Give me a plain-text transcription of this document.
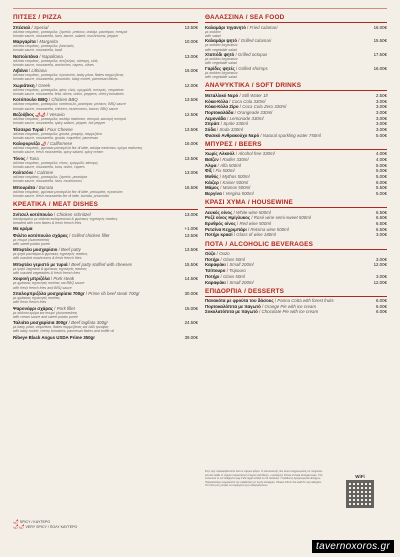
ΠΙΤΣΕΣ / PIZZA
Σπέσιαλ / Special
σάλτσα ντομάτας, μοτσαρέλα, ζαμπόν, μπέικον, σαλάμι, μανιτάρια, πιπεριά
tomato sauce, mozzarella, ham, bacon, salami, mushrooms, pepper
13.50€
Μαργαρίτα / Margarita
σάλτσα ντομάτας, μοτσαρέλα, βασιλικός
tomato sauce, mozzarella, basil
10.00€
Ναπολιτάνα / Napolitana
σάλτσα ντομάτας, μοτσαρέλα, αντζούγιες, κάπαρη, ελιές
tomato sauce, mozzarella, anchovies, capers, olives
13.00€
Λιβάνα / Lithiana
σάλτσα ντομάτας, μοτσαρέλα, προσούτο, baby ρόκα, flakes παρμεζάνας
tomato sauce, mozzarella, prosciutto, baby rocket, parmesan flakes
16.00€
Χωριάτικη / Greek
σάλτσα ντομάτας, μοτσαρέλα, φέτα, ελιές, κρεμμύδι, πιπεριές, ντοματίνια
tomato sauce, mozzarella, feta, olives, onion, peppers, cherry tomatoes
12.00€
Κοτόπουλο BBQ / Chicken BBQ
σάλτσα ντομάτας, μοτσαρέλα, κοτόπουλο, μανιτάρια, μπέικον, BBQ sauce
tomato sauce, mozzarella, chicken, mushrooms, bacon, BBQ sauce
13.50€
Βεζούβιος 🌶🌶 / Vesuvio
σάλτσα ντομάτας, μοτσαρέλα, σαλάμι πικάντικο, πιπεριά, καυτερή πιπεριά
tomato sauce, mozzarella, spicy salami, pepper, hot pepper
12.50€
Τέσσερα Τυριά / Four Cheese
σάλτσα ντομάτας, μοτσαρέλα, gouda, ροκφόρ, παρμεζάνα
tomato sauce, mozzarella, gouda, roquefort, parmesan
13.50€
Καλιφορνέζα 🌶 / Californese
σάλτσα ντομάτας, φρέσκια μοτσαρέλα fior di latte, σαλάμι πικάντικο, κρέμα πικάντικη
tomato sauce, fresh mozzarella, spicy salami, spicy cream
16.00€
Τόνος / Tuna
σάλτσα ντομάτας, μοτσαρέλα, τόνος, κρεμμύδι, κάπαρη
tomato sauce, mozzarella, tuna, onion, capers
13.50€
Καλτσόνε / Calzone
σάλτσα ντομάτας, μοτσαρέλα, ζαμπόν, μανιτάρια
tomato sauce, mozzarella, ham, mushrooms
13.00€
Μπουράτα / Burrata
σάλτσα ντομάτας, φρέσκια μοτσαρέλα fior di latte, μπουράτα, προσούτο
tomato sauce, fresh mozzarella fior di latte, burrata, prosciutto
16.50€
ΚΡΕΑΤΙΚΑ / MEAT DISHES
Σνίτσελ κοτόπουλο / Chicken schnitzel
πανάρισμένο με σάλτσα καλαμποκιού & φρέσκιες τηγανητές πατάτες
breaded with corn flakes & fresh french fries
13.00€
Με κρέμα	+1.00€
Φιλέτο κοτόπουλο σχάρας / Grilled chicken fillet
με πουρέ γλυκοπατάτας
with sweet potato puree
13.50€
Μπιφτέκι μοσχαρίσιο / Beef patty
με ψητά μανιτάρια & φρέσκιες τηγανητές πατάτες
with roasted mushrooms & fresh french fries
13.50€
Μπιφτέκι γεμιστό με τυριά / Beef patty stuffed with cheeses
με ψητό λαχανικό & φρέσκιες τηγανητές πατάτες
with roasted vegetables & fresh french fries
15.50€
Χοιρινή μπριζόλα / Pork steak
με φρέσκιες τηγανητές πατάτες και BBQ sauce
with fresh french fries and BBQ sauce
14.50€
Σπαλομπριζόλα μοσχαρίσια 700gr / Prime rib beef steak 700gr
με φρέσκιες τηγανητές πατάτες
with fresh french fries
30.00€
Ψαρονέφρι σχάρας / Pork fillet
με σάλτσα κρέμα και πουρέ γλυκοπατάτας
with cream sauce and sweet potato puree
15.00€
Ταλιάτα μοσχαρίσια 300gr / Beef tagliata 300gr
με baby ρόκα, ντοματίνια, flakes παρμεζάνας και λάδι τρούφας
with baby rocket, cherry tomatoes, parmesan flakes and truffle oil
24.50€
Ribeye Black Angus USDA Prime 350gr	39.00€
ΘΑΛΑΣΣΙΝΑ / SEA FOOD
Καλαμάρι τηγανητό / Fried calamari
με σαλάτα
with salad
16.00€
Καλαμάρι ψητό / Grilled calamari
με σαλάτα λαχανικών
with vegetable salad
15.50€
Χταπόδι ψητό / Grilled octopus
με σαλάτα λαχανικών
with vegetable salad
17.50€
Γαρίδες ψητές / Grilled shrimps
με σαλάτα λαχανικών
with vegetable salad
16.00€
ΑΝΑΨΥΚΤΙΚΑ / SOFT DRINKS
Μεταλλικό Νερό / Still Water 1lt	2.50€
Κόκα-Κόλα / Coca Cola 330ml	3.00€
Κόκα-Κόλα Ζίρο / Coca Cola Zero 330ml	3.00€
Πορτοκαλάδα / Orangeade 330ml	3.00€
Λεμονάδα / Lemonade 330ml	3.00€
Σπράιτ / Sprite 330ml	3.00€
Σόδα / Soda 330ml	3.00€
Φυσικό Ανθρακούχο Νερό / Natural sparkling water 750ml	5.00€
ΜΠΥΡΕΣ / BEERS
Χωρίς Αλκοόλ / Alcohol free 330ml	4.00€
Βαϊζεν / Radler 330ml	4.00€
Άλφα / Alfa 500ml	5.00€
Φίξ / Fix 500ml	5.00€
Μυθός / Mythos 500ml	5.00€
Κάιζερ / Kaiser 500ml	6.00€
Μάμος / Mamos 500ml	5.50€
Βεργίνα / Vergina 500ml	5.00€
ΚΡΑΣΙ ΧΥΜΑ / HOUSEWINE
Λευκός οίνος / White wine 500ml	6.50€
Ροζέ οίνος Ημίγλυκος / Rosé wine semi-sweet 500ml	6.50€
Ερυθρός οίνος / Red wine 500ml	6.50€
Ρετσίνα Κεχριμπάρι / Retsina wine 500ml	6.50€
Ποτήρι κρασί / Glass of wine 180ml	3.00€
ΠΟΤΑ / ALCOHOLIC BEVERAGES
Ούζο / Ouzo
Ποτήρι / Glass 50ml	3.00€
Καραφάκι / Small 200ml	12.00€
Τσίπουρο / Tsipouro
Ποτήρι / Glass 50ml	3.00€
Καραφάκι / Small 200ml	12.00€
ΕΠΙΔΟΡΠΙΑ / DESSERTS
Πανακότα με φρούτα του δάσους / Panna Cotta with forest fruits	6.00€
Πορτοκαλόπιτα με παγωτό / Orange Pie with ice cream	6.00€
Σοκολατόπιτα με παγωτό / Chocolate Pie with ice cream	6.00€
🌶 SPICY / ΚΑΥΤΕΡΟ
🌶🌶 VERY SPICY / ΠΟΛΥ ΚΑΥΤΕΡΟ
Στην τιμή περιλαμβάνονται όλοι οι νόμιμοι φόροι. Ο καταναλωτής δεν είναι υποχρεωμένος να πληρώσει εάν δεν λάβει το νόμιμο παραστατικό στοιχείο (απόδειξη – τιμολόγιο). Prices include all legal taxes. The consumer is not obliged to pay if the legal receipt is not received. Υπεύθυνος Αγορανομικού Ελέγχου. Παρακαλούμε ενημερώστε τον σερβιτόρο για τυχόν αλλεργίες. Please inform the staff for any allergies. Τα πιάτα μας μπορεί να περιέχουν ίχνη αλλεργιογόνων.
WiFi
tavernoxoros.gr
